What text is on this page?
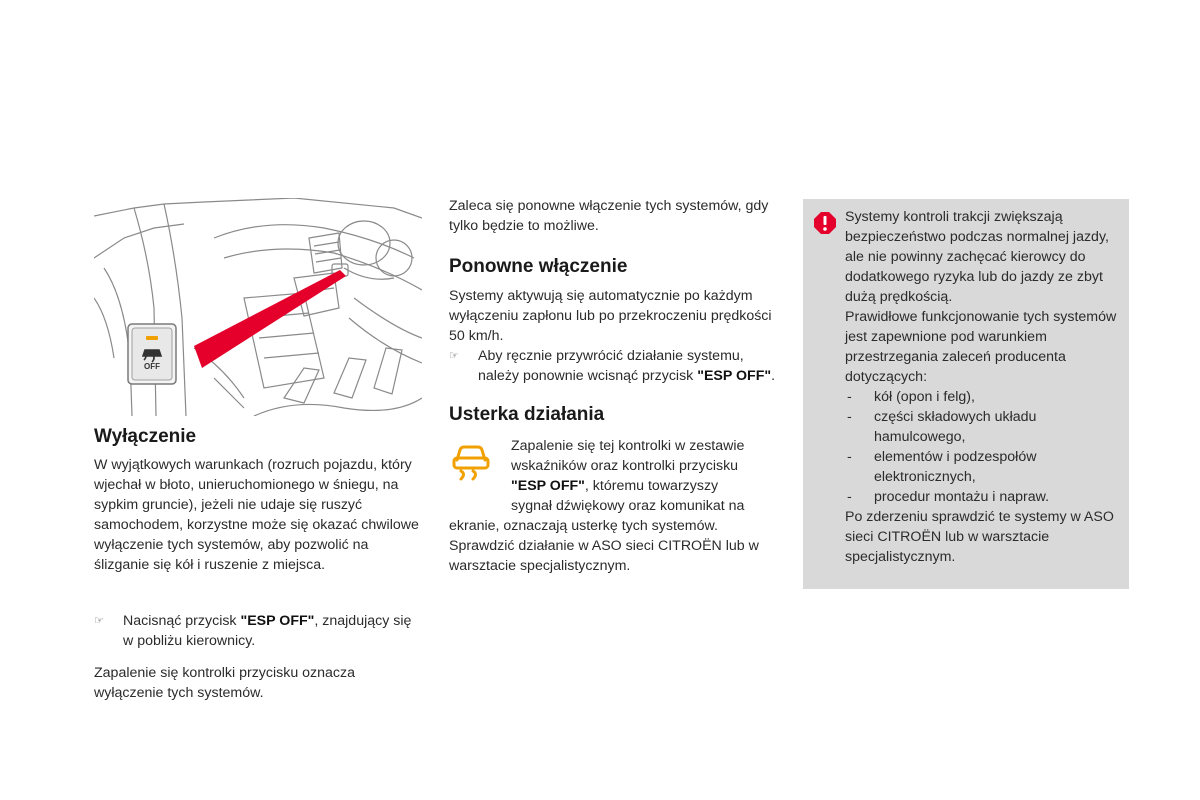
OFF
Wyłączenie

W wyjątkowych warunkach (rozruch pojazdu, który wjechał w błoto, unieruchomionego w śniegu, na sypkim gruncie), jeżeli nie udaje się ruszyć samochodem, korzystne może się okazać chwilowe wyłączenie tych systemów, aby pozwolić na ślizganie się kół i ruszenie z miejsca.

☞ Nacisnąć przycisk "ESP OFF", znajdujący się w pobliżu kierownicy.

Zapalenie się kontrolki przycisku oznacza wyłączenie tych systemów.

Zaleca się ponowne włączenie tych systemów, gdy tylko będzie to możliwe.

Ponowne włączenie

Systemy aktywują się automatycznie po każdym wyłączeniu zapłonu lub po przekroczeniu prędkości 50 km/h.

☞ Aby ręcznie przywrócić działanie systemu, należy ponownie wcisnąć przycisk "ESP OFF".
Usterka działania

Zapalenie się tej kontrolki w zestawie

wskaźników oraz kontrolki przycisku

"ESP OFF", któremu towarzyszy

sygnał dźwiękowy oraz komunikat na

ekranie, oznaczają usterkę tych systemów. Sprawdzić działanie w ASO sieci CITROËN lub w warsztacie specjalistycznym.

Systemy kontroli trakcji zwiększają bezpieczeństwo podczas normalnej jazdy, ale nie powinny zachęcać kierowcy do dodatkowego ryzyka lub do jazdy ze zbyt dużą prędkością.

Prawidłowe funkcjonowanie tych systemów jest zapewnione pod warunkiem przestrzegania zaleceń producenta dotyczących:

- kół (opon i felg),
- części składowych układu hamulcowego,
- elementów i podzespołów elektronicznych,
- procedur montażu i napraw.

Po zderzeniu sprawdzić te systemy w ASO sieci CITROËN lub w warsztacie specjalistycznym.
